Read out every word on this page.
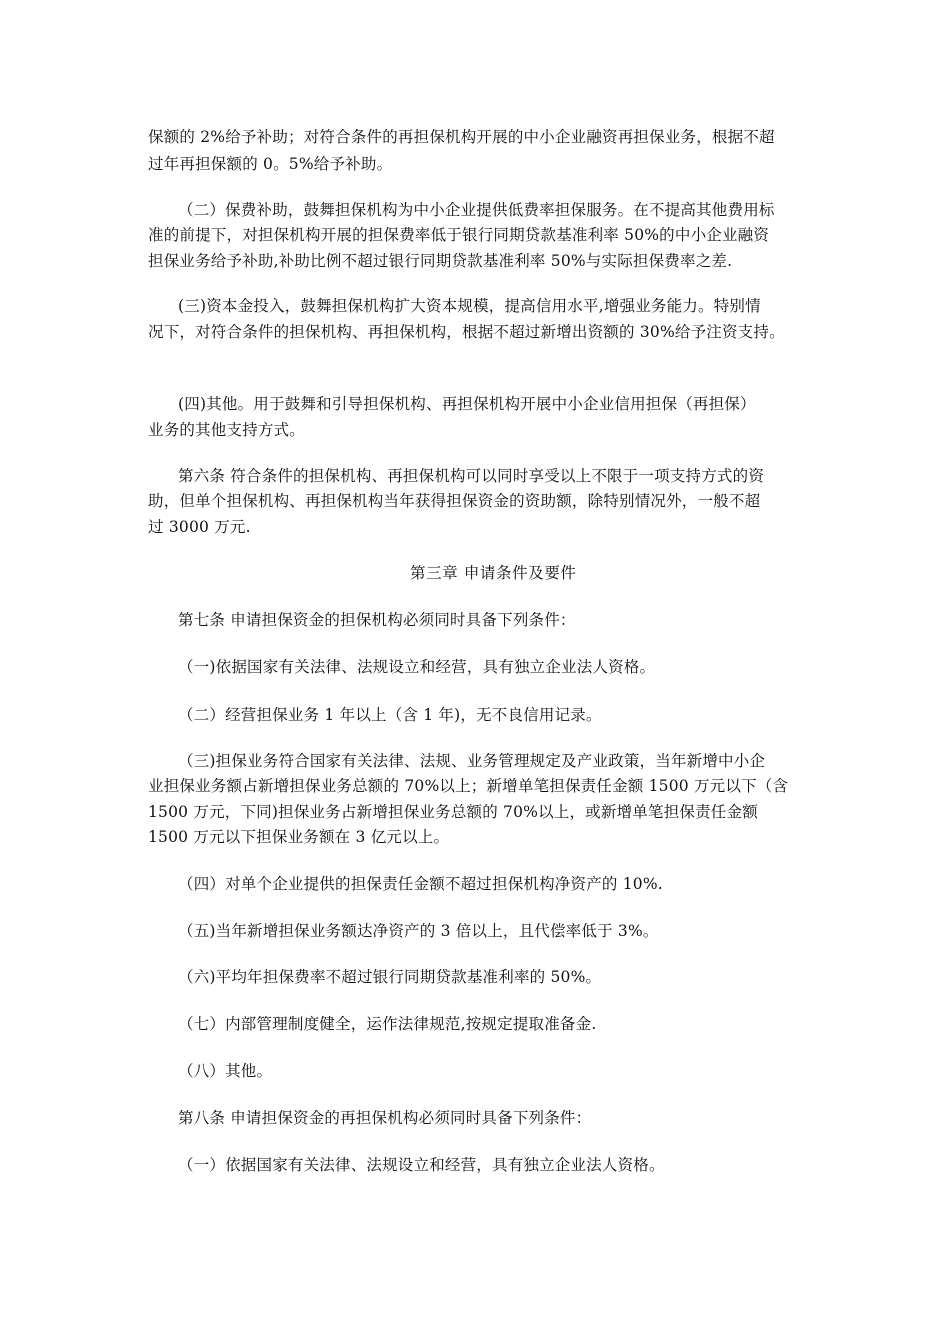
保额的 2%给予补助；对符合条件的再担保机构开展的中小企业融资再担保业务，根据不超
过年再担保额的 0。5%给予补助。
（二）保费补助，鼓舞担保机构为中小企业提供低费率担保服务。在不提高其他费用标
准的前提下，对担保机构开展的担保费率低于银行同期贷款基准利率 50%的中小企业融资
担保业务给予补助,补助比例不超过银行同期贷款基准利率 50%与实际担保费率之差.
(三)资本金投入，鼓舞担保机构扩大资本规模，提高信用水平,增强业务能力。特别情
况下，对符合条件的担保机构、再担保机构，根据不超过新增出资额的 30%给予注资支持。
(四)其他。用于鼓舞和引导担保机构、再担保机构开展中小企业信用担保（再担保）
业务的其他支持方式。
第六条 符合条件的担保机构、再担保机构可以同时享受以上不限于一项支持方式的资
助，但单个担保机构、再担保机构当年获得担保资金的资助额，除特别情况外，一般不超
过 3000 万元.
第三章 申请条件及要件
第七条 申请担保资金的担保机构必须同时具备下列条件：
（一)依据国家有关法律、法规设立和经营，具有独立企业法人资格。
（二）经营担保业务 1 年以上（含 1 年)，无不良信用记录。
（三)担保业务符合国家有关法律、法规、业务管理规定及产业政策，当年新增中小企
业担保业务额占新增担保业务总额的 70%以上；新增单笔担保责任金额 1500 万元以下（含
1500 万元，下同)担保业务占新增担保业务总额的 70%以上，或新增单笔担保责任金额
1500 万元以下担保业务额在 3 亿元以上。
（四）对单个企业提供的担保责任金额不超过担保机构净资产的 10%.
（五)当年新增担保业务额达净资产的 3 倍以上，且代偿率低于 3%。
（六)平均年担保费率不超过银行同期贷款基准利率的 50%。
（七）内部管理制度健全，运作法律规范,按规定提取准备金.
（八）其他。
第八条 申请担保资金的再担保机构必须同时具备下列条件：
（一）依据国家有关法律、法规设立和经营，具有独立企业法人资格。
